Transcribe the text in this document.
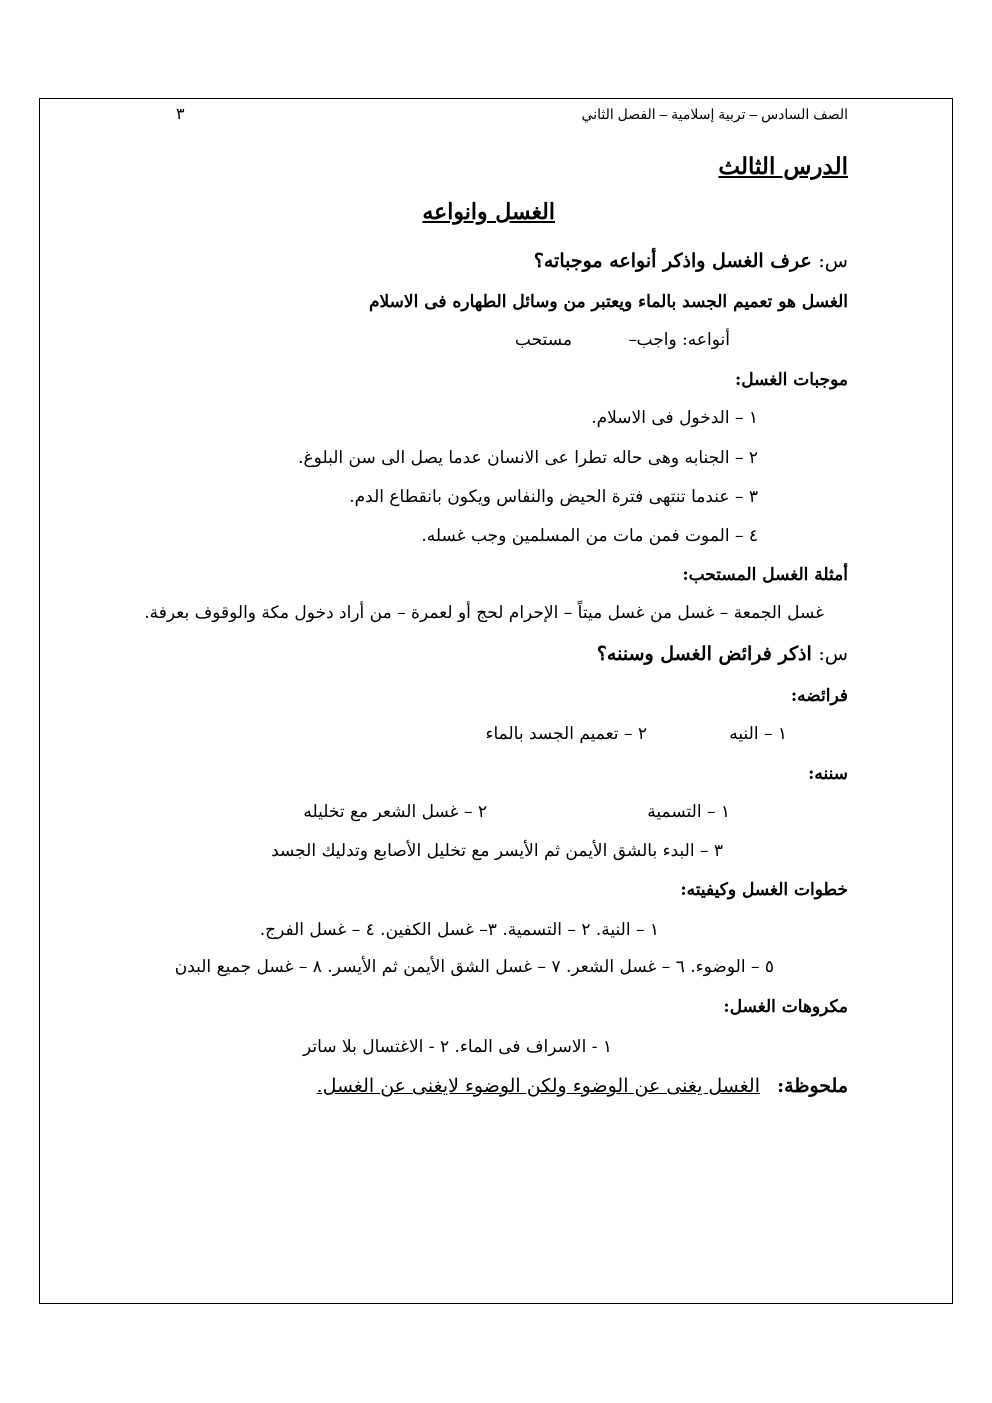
الصف السادس – تربية إسلامية – الفصل الثاني
٣
الدرس الثالث
الغسل وانواعه
س: عرف الغسل واذكر أنواعه موجباته؟
الغسل هو تعميم الجسد بالماء ويعتبر من وسائل الطهاره فى الاسلام
أنواعه: واجب
–
مستحب
موجبات الغسل:
١ – الدخول فى الاسلام.
٢ – الجنابه وهى حاله تطرا عى الانسان عدما يصل الى سن البلوغ.
٣ – عندما تنتهى فترة الحيض والنفاس ويكون بانقطاع الدم.
٤ – الموت فمن مات من المسلمين وجب غسله.
أمثلة الغسل المستحب:
غسل الجمعة – غسل من غسل ميتاً – الإحرام لحج أو لعمرة – من أراد دخول مكة والوقوف بعرفة.
س: اذكر فرائض الغسل وسننه؟
فرائضه:
١ – النيه
٢ – تعميم الجسد بالماء
سننه:
١ – التسمية
٢ – غسل الشعر مع تخليله
٣ – البدء بالشق الأيمن ثم الأيسر مع تخليل الأصابع وتدليك الجسد
خطوات الغسل وكيفيته:
١ – النية. ٢ – التسمية. ٣– غسل الكفين. ٤ – غسل الفرج.
٥ – الوضوء. ٦ – غسل الشعر. ٧ – غسل الشق الأيمن ثم الأيسر. ٨ – غسل جميع البدن
مكروهات الغسل:
١ - الاسراف فى الماء. ٢ - الاغتسال بلا ساتر
ملحوظة:
الغسل يغنى عن الوضوء ولكن الوضوء لايغنى عن الغسل.
